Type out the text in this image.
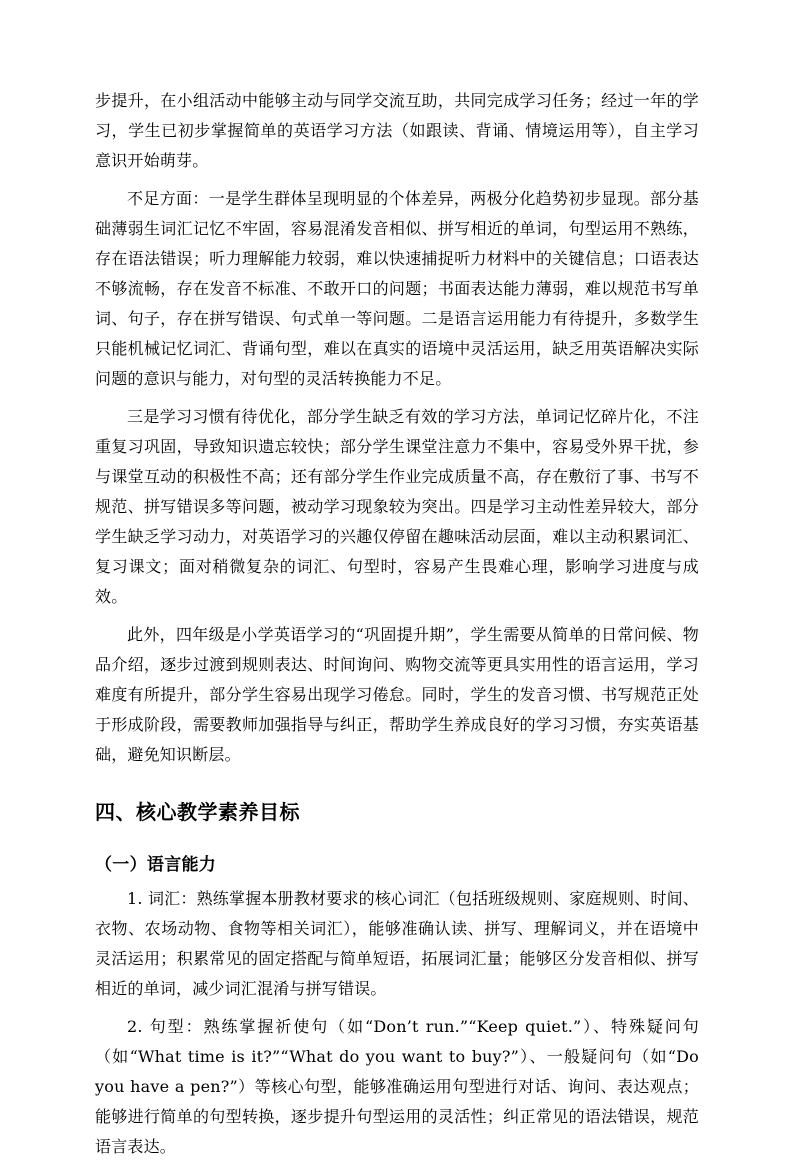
步提升，在小组活动中能够主动与同学交流互助，共同完成学习任务；经过一年的学习，学生已初步掌握简单的英语学习方法（如跟读、背诵、情境运用等），自主学习意识开始萌芽。

不足方面：一是学生群体呈现明显的个体差异，两极分化趋势初步显现。部分基础薄弱生词汇记忆不牢固，容易混淆发音相似、拼写相近的单词，句型运用不熟练，存在语法错误；听力理解能力较弱，难以快速捕捉听力材料中的关键信息；口语表达不够流畅，存在发音不标准、不敢开口的问题；书面表达能力薄弱，难以规范书写单词、句子，存在拼写错误、句式单一等问题。二是语言运用能力有待提升，多数学生只能机械记忆词汇、背诵句型，难以在真实的语境中灵活运用，缺乏用英语解决实际问题的意识与能力，对句型的灵活转换能力不足。

三是学习习惯有待优化，部分学生缺乏有效的学习方法，单词记忆碎片化，不注重复习巩固，导致知识遗忘较快；部分学生课堂注意力不集中，容易受外界干扰，参与课堂互动的积极性不高；还有部分学生作业完成质量不高，存在敷衍了事、书写不规范、拼写错误多等问题，被动学习现象较为突出。四是学习主动性差异较大，部分学生缺乏学习动力，对英语学习的兴趣仅停留在趣味活动层面，难以主动积累词汇、复习课文；面对稍微复杂的词汇、句型时，容易产生畏难心理，影响学习进度与成效。

此外，四年级是小学英语学习的“巩固提升期”，学生需要从简单的日常问候、物品介绍，逐步过渡到规则表达、时间询问、购物交流等更具实用性的语言运用，学习难度有所提升，部分学生容易出现学习倦怠。同时，学生的发音习惯、书写规范正处于形成阶段，需要教师加强指导与纠正，帮助学生养成良好的学习习惯，夯实英语基础，避免知识断层。

四、核心教学素养目标
（一）语言能力

1. 词汇：熟练掌握本册教材要求的核心词汇（包括班级规则、家庭规则、时间、衣物、农场动物、食物等相关词汇），能够准确认读、拼写、理解词义，并在语境中灵活运用；积累常见的固定搭配与简单短语，拓展词汇量；能够区分发音相似、拼写相近的单词，减少词汇混淆与拼写错误。

2. 句型：熟练掌握祈使句（如“Don’t run.”“Keep quiet.”）、特殊疑问句（如“What time is it?”“What do you want to buy?”）、一般疑问句（如“Do you have a pen?”）等核心句型，能够准确运用句型进行对话、询问、表达观点；能够进行简单的句型转换，逐步提升句型运用的灵活性；纠正常见的语法错误，规范语言表达。
